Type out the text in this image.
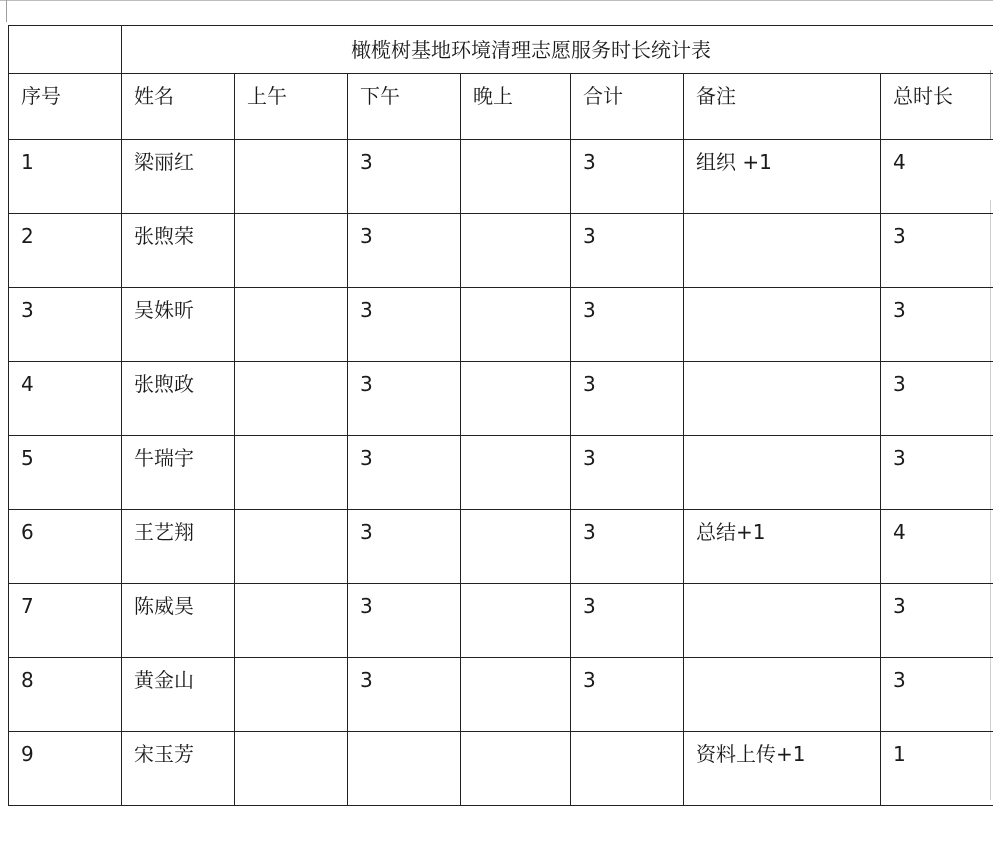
	橄榄树基地环境清理志愿服务时长统计表						
序号	姓名	上午	下午	晚上	合计	备注	总时长
1	梁丽红		3		3	组织 +1	4
2	张煦荣		3		3		3
3	吴姝昕		3		3		3
4	张煦政		3		3		3
5	牛瑞宇		3		3		3
6	王艺翔		3		3	总结+1	4
7	陈威昊		3		3		3
8	黄金山		3		3		3
9	宋玉芳					资料上传+1	1
